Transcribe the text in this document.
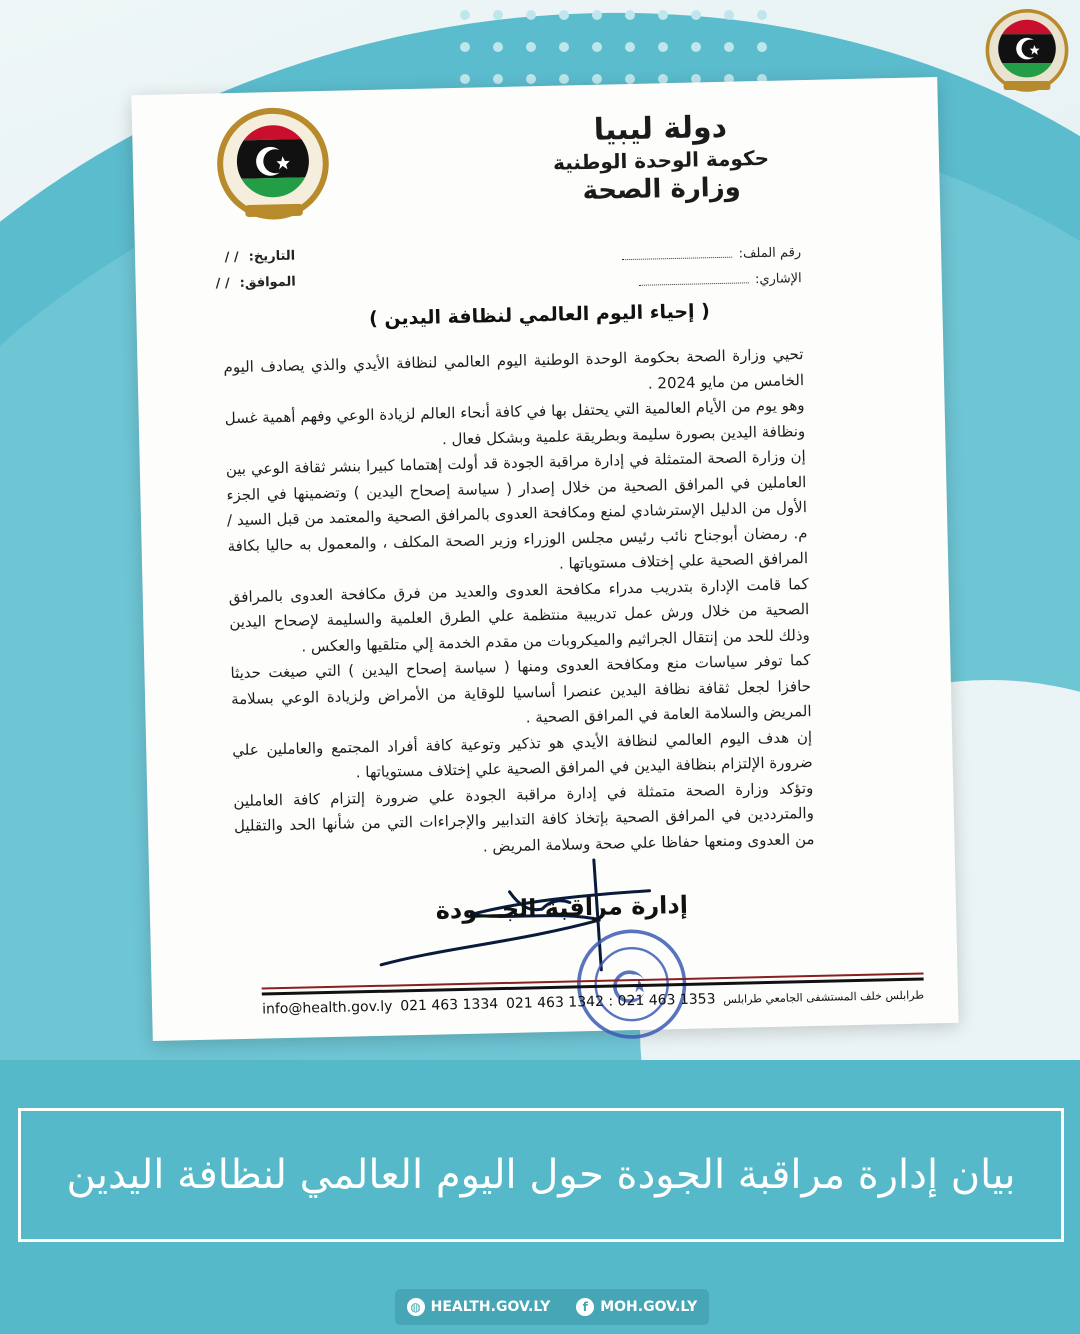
دولة ليبيا
حكومة الوحدة الوطنية
وزارة الصحة
رقم الملف:
الإشاري:
التاريخ:/ /
الموافق:/ /
( إحياء اليوم العالمي لنظافة اليدين )

تحيي وزارة الصحة بحكومة الوحدة الوطنية اليوم العالمي لنظافة الأيدي والذي يصادف اليوم الخامس من مايو 2024 .

وهو يوم من الأيام العالمية التي يحتفل بها في كافة أنحاء العالم لزيادة الوعي وفهم أهمية غسل ونظافة اليدين بصورة سليمة وبطريقة علمية وبشكل فعال .

إن وزارة الصحة المتمثلة في إدارة مراقبة الجودة قد أولت إهتماما كبيرا بنشر ثقافة الوعي بين العاملين في المرافق الصحية من خلال إصدار ( سياسة إصحاح اليدين ) وتضمينها في الجزء الأول من الدليل الإسترشادي لمنع ومكافحة العدوى بالمرافق الصحية والمعتمد من قبل السيد / م. رمضان أبوجناح نائب رئيس مجلس الوزراء وزير الصحة المكلف ، والمعمول به حاليا بكافة المرافق الصحية علي إختلاف مستوياتها .

كما قامت الإدارة بتدريب مدراء مكافحة العدوى والعديد من فرق مكافحة العدوى بالمرافق الصحية من خلال ورش عمل تدريبية منتظمة علي الطرق العلمية والسليمة لإصحاح اليدين وذلك للحد من إنتقال الجراثيم والميكروبات من مقدم الخدمة إلي متلقيها والعكس .

كما توفر سياسات منع ومكافحة العدوى ومنها ( سياسة إصحاح اليدين ) التي صيغت حديثا حافزا لجعل ثقافة نظافة اليدين عنصرا أساسيا للوقاية من الأمراض ولزيادة الوعي بسلامة المريض والسلامة العامة في المرافق الصحية .

إن هدف اليوم العالمي لنظافة الأيدي هو تذكير وتوعية كافة أفراد المجتمع والعاملين علي ضرورة الإلتزام بنظافة اليدين في المرافق الصحية علي إختلاف مستوياتها .

وتؤكد وزارة الصحة متمثلة في إدارة مراقبة الجودة علي ضرورة إلتزام كافة العاملين والمترددين في المرافق الصحية بإتخاذ كافة التدابير والإجراءات التي من شأنها الحد والتقليل من العدوى ومنعها حفاظا علي صحة وسلامة المريض .

إدارة مراقبة الجـــودة
info@health.gov.ly 021 463 1334 021 463 1342 : 021 463 1353 طرابلس خلف المستشفى الجامعي طرابلس
بيان إدارة مراقبة الجودة حول اليوم العالمي لنظافة اليدين
◍ HEALTH.GOV.LY	f MOH.GOV.LY
